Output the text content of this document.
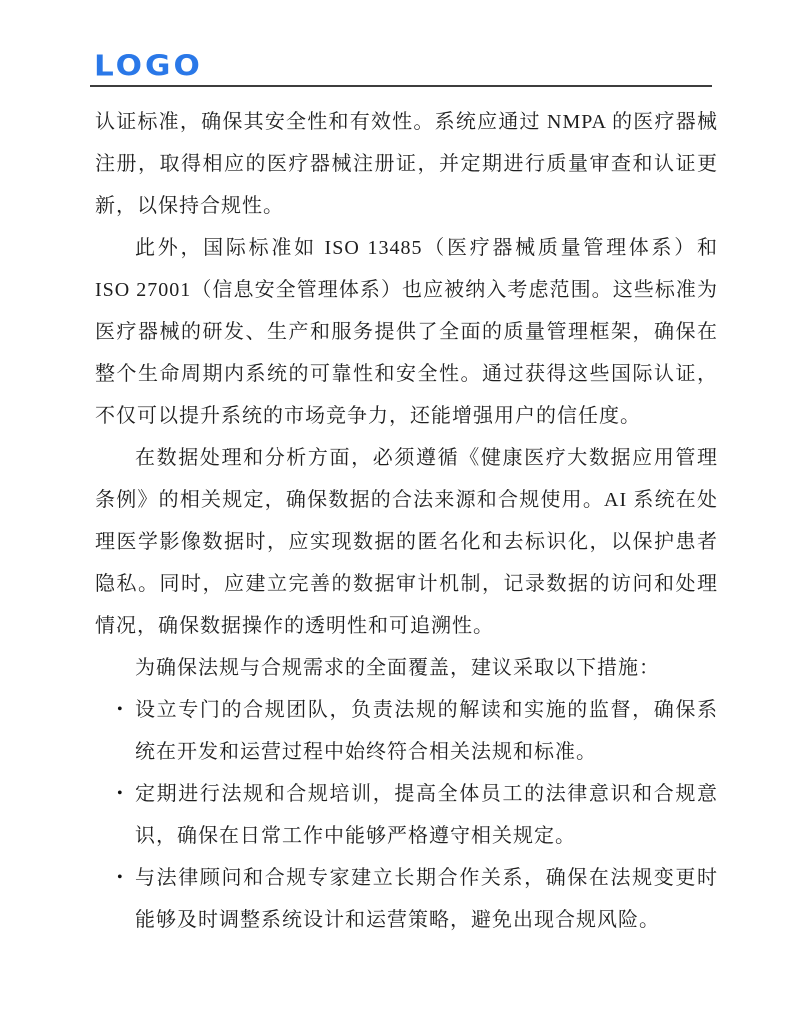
LOGO

认证标准，确保其安全性和有效性。系统应通过 NMPA 的医疗器械注册，取得相应的医疗器械注册证，并定期进行质量审查和认证更新，以保持合规性。

此外，国际标准如 ISO 13485（医疗器械质量管理体系）和 ISO 27001（信息安全管理体系）也应被纳入考虑范围。这些标准为医疗器械的研发、生产和服务提供了全面的质量管理框架，确保在整个生命周期内系统的可靠性和安全性。通过获得这些国际认证，不仅可以提升系统的市场竞争力，还能增强用户的信任度。

在数据处理和分析方面，必须遵循《健康医疗大数据应用管理条例》的相关规定，确保数据的合法来源和合规使用。AI 系统在处理医学影像数据时，应实现数据的匿名化和去标识化，以保护患者隐私。同时，应建立完善的数据审计机制，记录数据的访问和处理情况，确保数据操作的透明性和可追溯性。

为确保法规与合规需求的全面覆盖，建议采取以下措施：

• 设立专门的合规团队，负责法规的解读和实施的监督，确保系统在开发和运营过程中始终符合相关法规和标准。
• 定期进行法规和合规培训，提高全体员工的法律意识和合规意识，确保在日常工作中能够严格遵守相关规定。
• 与法律顾问和合规专家建立长期合作关系，确保在法规变更时能够及时调整系统设计和运营策略，避免出现合规风险。
